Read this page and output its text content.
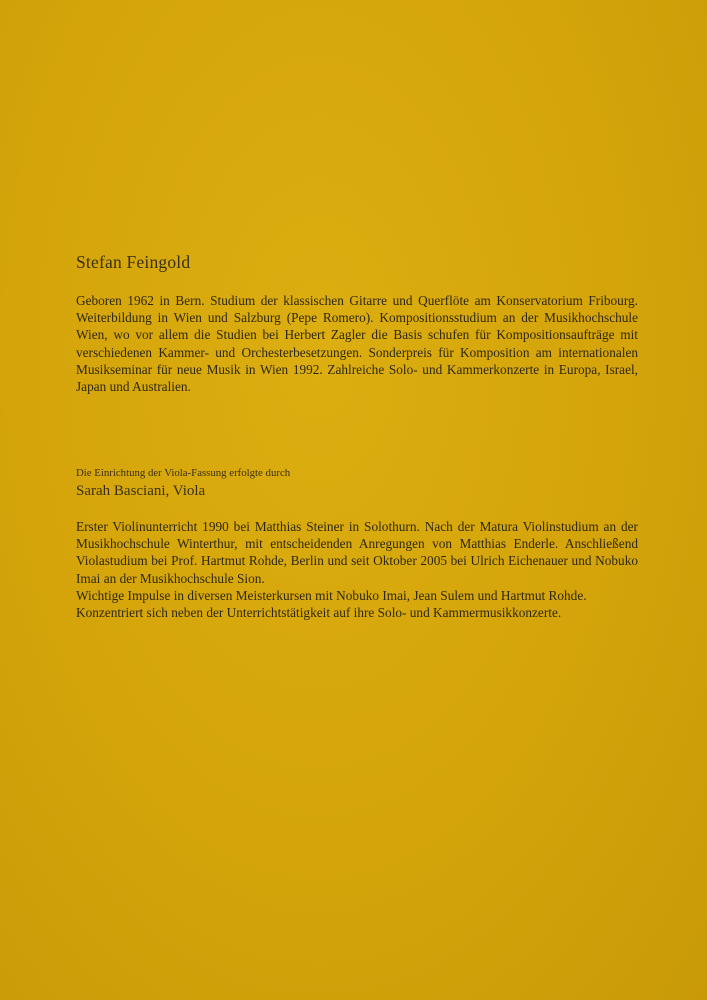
Stefan Feingold

Geboren 1962 in Bern. Studium der klassischen Gitarre und Querflöte am Konservatorium Fribourg. Weiterbildung in Wien und Salzburg (Pepe Romero). Kompositionsstudium an der Musikhochschule Wien, wo vor allem die Studien bei Herbert Zagler die Basis schufen für Kompositionsaufträge mit verschiedenen Kammer- und Orchesterbesetzungen. Sonderpreis für Komposition am internationalen Musikseminar für neue Musik in Wien 1992. Zahlreiche Solo- und Kammerkonzerte in Europa, Israel, Japan und Australien.

Die Einrichtung der Viola-Fassung erfolgte durch
Sarah Basciani, Viola

Erster Violinunterricht 1990 bei Matthias Steiner in Solothurn. Nach der Matura Violinstudium an der Musikhochschule Winterthur, mit entscheidenden Anregungen von Matthias Enderle. Anschließend Violastudium bei Prof. Hartmut Rohde, Berlin und seit Oktober 2005 bei Ulrich Eichenauer und Nobuko Imai an der Musikhochschule Sion.

Wichtige Impulse in diversen Meisterkursen mit Nobuko Imai, Jean Sulem und Hartmut Rohde.

Konzentriert sich neben der Unterrichtstätigkeit auf ihre Solo- und Kammermusikkonzerte.
